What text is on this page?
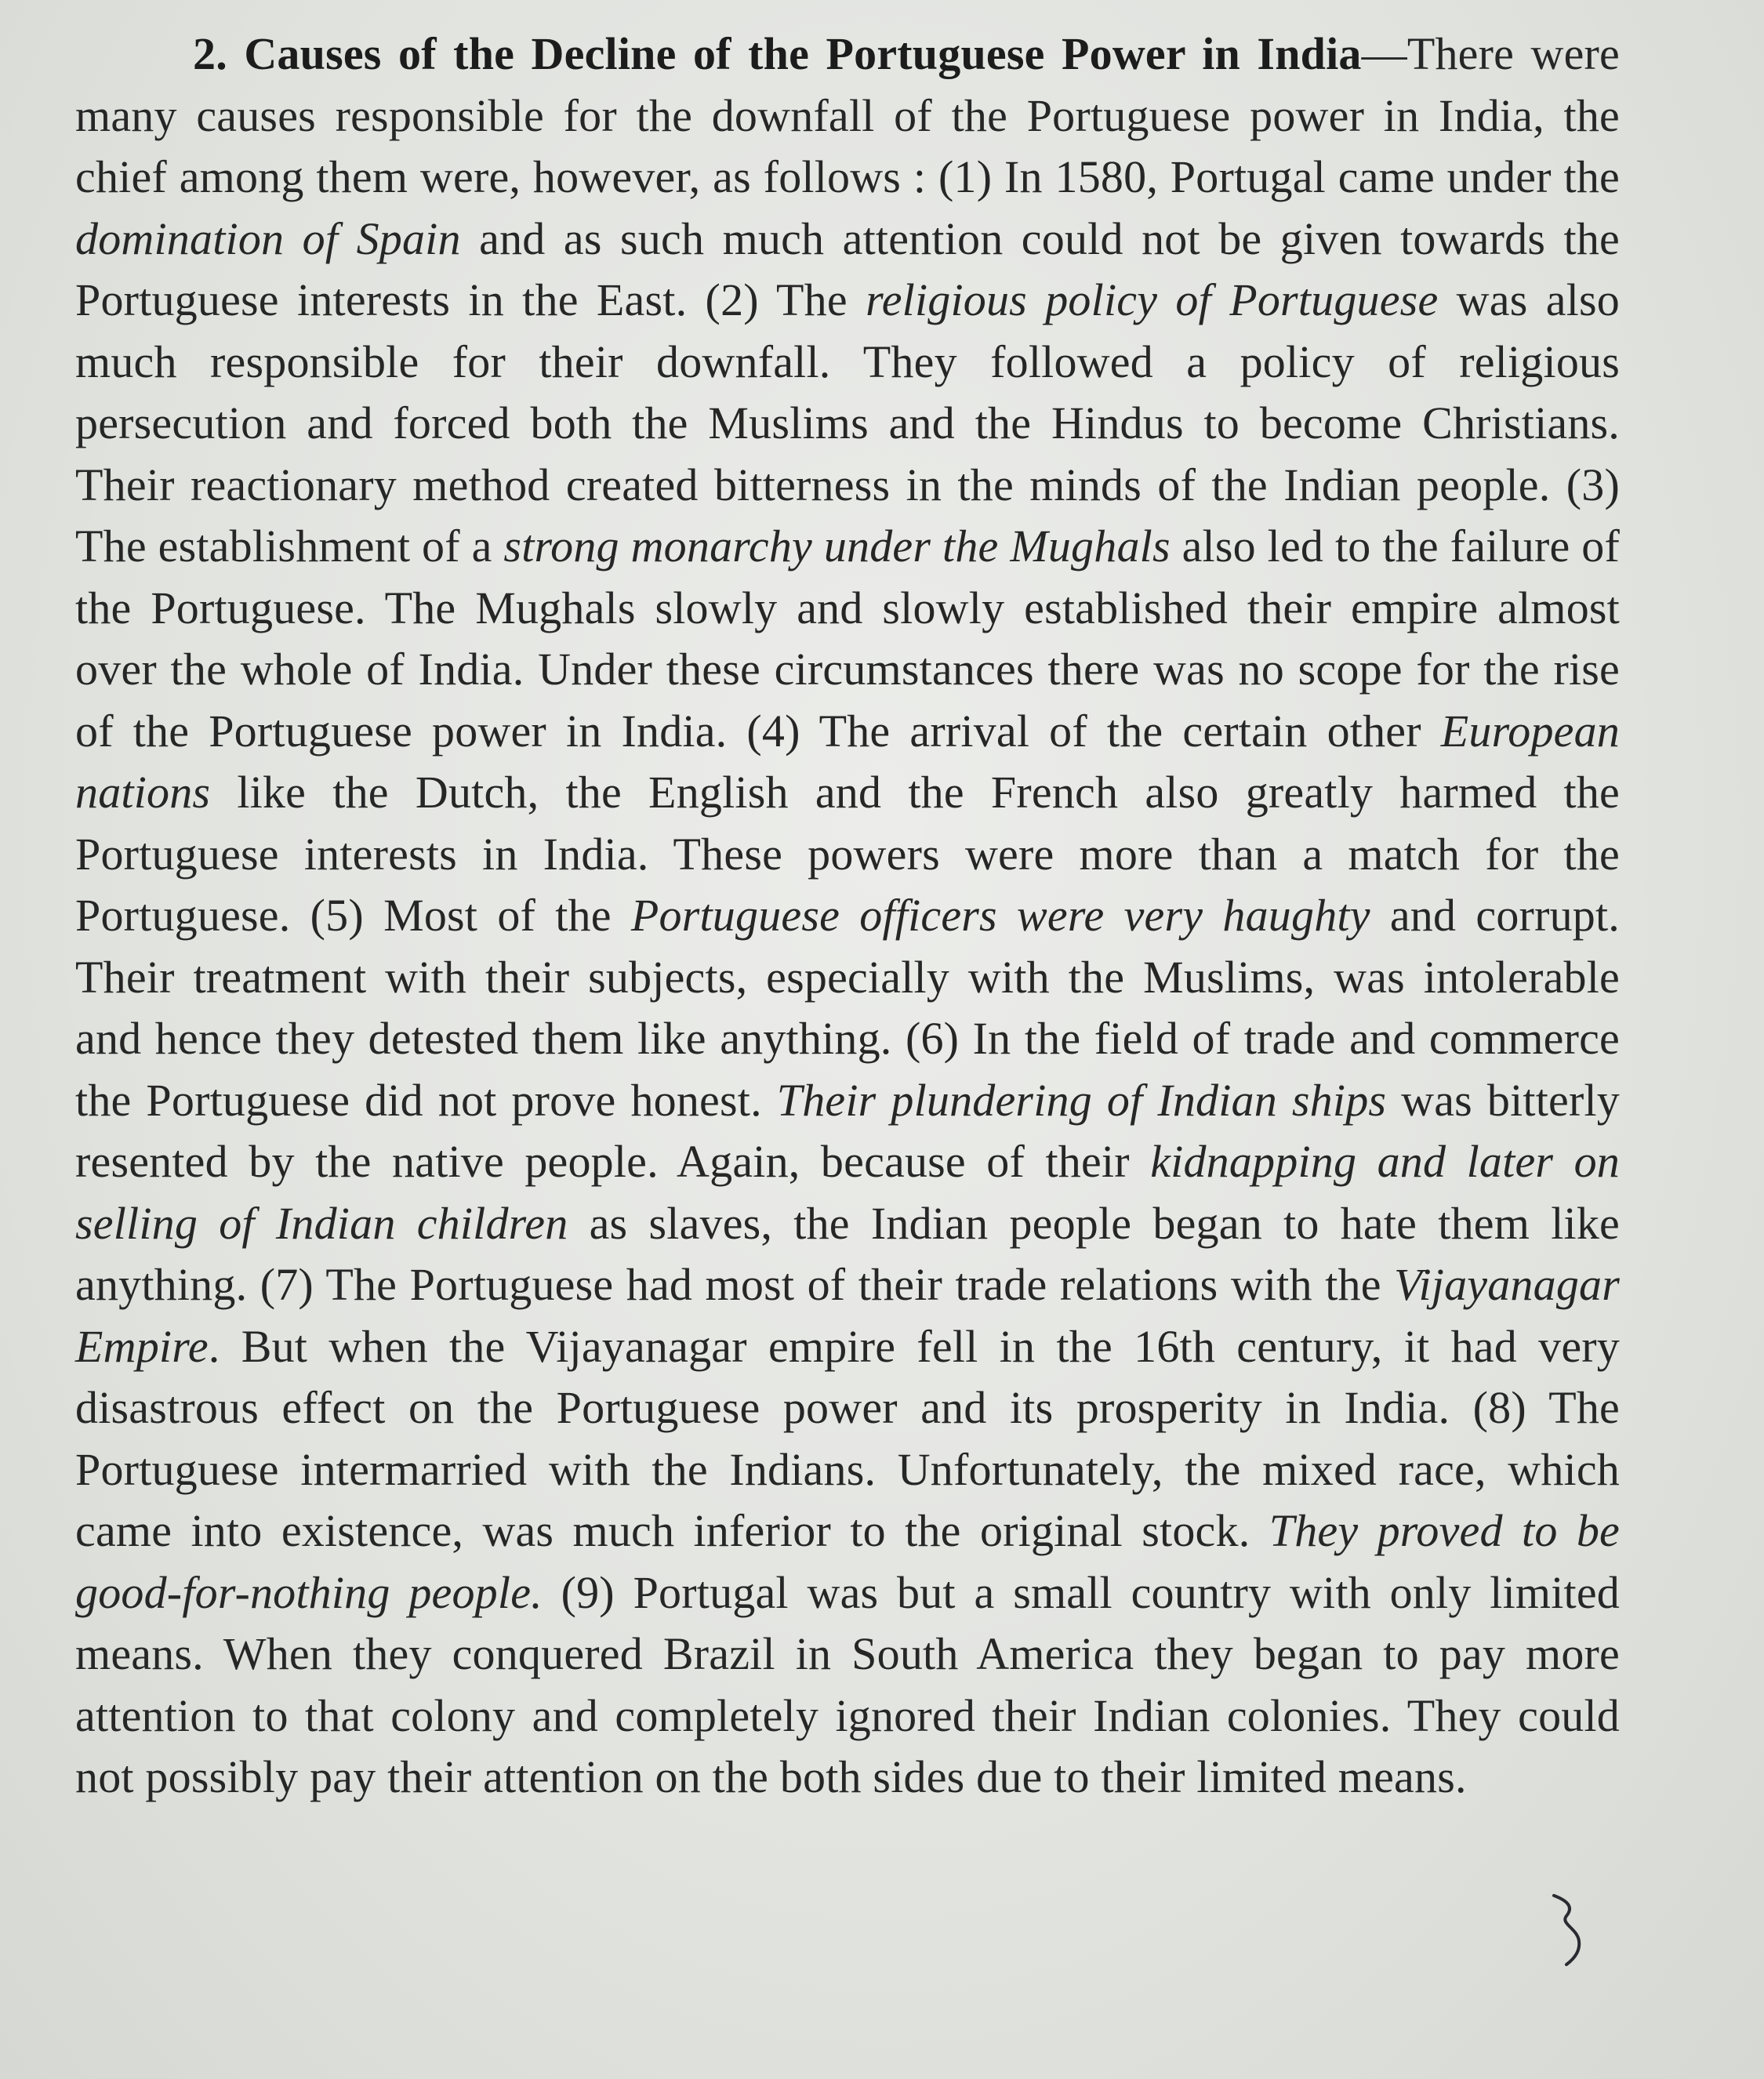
2. Causes of the Decline of the Portuguese Power in India—There were many causes responsible for the downfall of the Portuguese power in India, the chief among them were, however, as follows : (1) In 1580, Portugal came under the domination of Spain and as such much attention could not be given towards the Portuguese interests in the East. (2) The religious policy of Portuguese was also much responsible for their downfall. They followed a policy of religious persecution and forced both the Muslims and the Hindus to become Christians. Their reactionary method created bitterness in the minds of the Indian people. (3) The establishment of a strong monarchy under the Mughals also led to the failure of the Portuguese. The Mughals slowly and slowly established their empire almost over the whole of India. Under these circumstances there was no scope for the rise of the Portuguese power in India. (4) The arrival of the certain other European nations like the Dutch, the English and the French also greatly harmed the Portuguese interests in India. These powers were more than a match for the Portuguese. (5) Most of the Portuguese officers were very haughty and corrupt. Their treatment with their subjects, especially with the Muslims, was intolerable and hence they detested them like anything. (6) In the field of trade and commerce the Portuguese did not prove honest. Their plundering of Indian ships was bitterly resented by the native people. Again, because of their kidnapping and later on selling of Indian children as slaves, the Indian people began to hate them like anything. (7) The Portuguese had most of their trade relations with the Vijayanagar Empire. But when the Vijayanagar empire fell in the 16th century, it had very disastrous effect on the Portuguese power and its prosperity in India. (8) The Portuguese intermarried with the Indians. Unfortunately, the mixed race, which came into existence, was much inferior to the original stock. They proved to be good-for-nothing people. (9) Portugal was but a small country with only limited means. When they conquered Brazil in South America they began to pay more attention to that colony and completely ignored their Indian colonies. They could not possibly pay their attention on the both sides due to their limited means.
